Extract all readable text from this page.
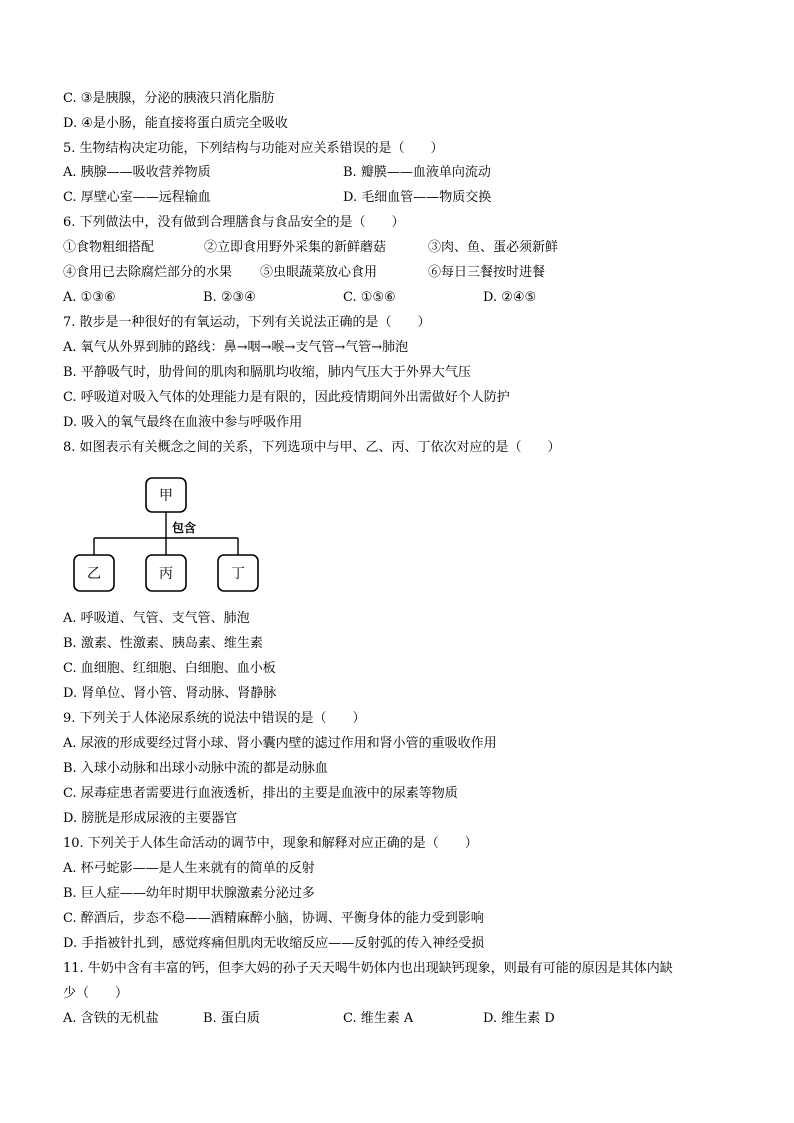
C. ③是胰腺，分泌的胰液只消化脂肪
D. ④是小肠，能直接将蛋白质完全吸收
5. 生物结构决定功能，下列结构与功能对应关系错误的是（　　）
A. 胰腺——吸收营养物质	B. 瓣膜——血液单向流动
C. 厚壁心室——远程输血	D. 毛细血管——物质交换
6. 下列做法中，没有做到合理膳食与食品安全的是（　　）
①食物粗细搭配	②立即食用野外采集的新鲜蘑菇	③肉、鱼、蛋必须新鲜
④食用已去除腐烂部分的水果 ⑤虫眼蔬菜放心食用	⑥每日三餐按时进餐
A. ①③⑥	B. ②③④	C. ①⑤⑥	D. ②④⑤
7. 散步是一种很好的有氧运动，下列有关说法正确的是（　　）
A. 氧气从外界到肺的路线：鼻→咽→喉→支气管→气管→肺泡
B. 平静吸气时，肋骨间的肌肉和膈肌均收缩，肺内气压大于外界大气压
C. 呼吸道对吸入气体的处理能力是有限的，因此疫情期间外出需做好个人防护
D. 吸入的氧气最终在血液中参与呼吸作用
8. 如图表示有关概念之间的关系，下列选项中与甲、乙、丙、丁依次对应的是（　　）
甲
包含
乙	丙	丁
A. 呼吸道、气管、支气管、肺泡
B. 激素、性激素、胰岛素、维生素
C. 血细胞、红细胞、白细胞、血小板
D. 肾单位、肾小管、肾动脉、肾静脉
9. 下列关于人体泌尿系统的说法中错误的是（　　）
A. 尿液的形成要经过肾小球、肾小囊内壁的滤过作用和肾小管的重吸收作用
B. 入球小动脉和出球小动脉中流的都是动脉血
C. 尿毒症患者需要进行血液透析，排出的主要是血液中的尿素等物质
D. 膀胱是形成尿液的主要器官
10. 下列关于人体生命活动的调节中，现象和解释对应正确的是（　　）
A. 杯弓蛇影——是人生来就有的简单的反射
B. 巨人症——幼年时期甲状腺激素分泌过多
C. 醉酒后，步态不稳——酒精麻醉小脑，协调、平衡身体的能力受到影响
D. 手指被针扎到，感觉疼痛但肌肉无收缩反应——反射弧的传入神经受损
11. 牛奶中含有丰富的钙，但李大妈的孙子天天喝牛奶体内也出现缺钙现象，则最有可能的原因是其体内缺
少（　　）
A. 含铁的无机盐	B. 蛋白质	C. 维生素 A	D. 维生素 D
